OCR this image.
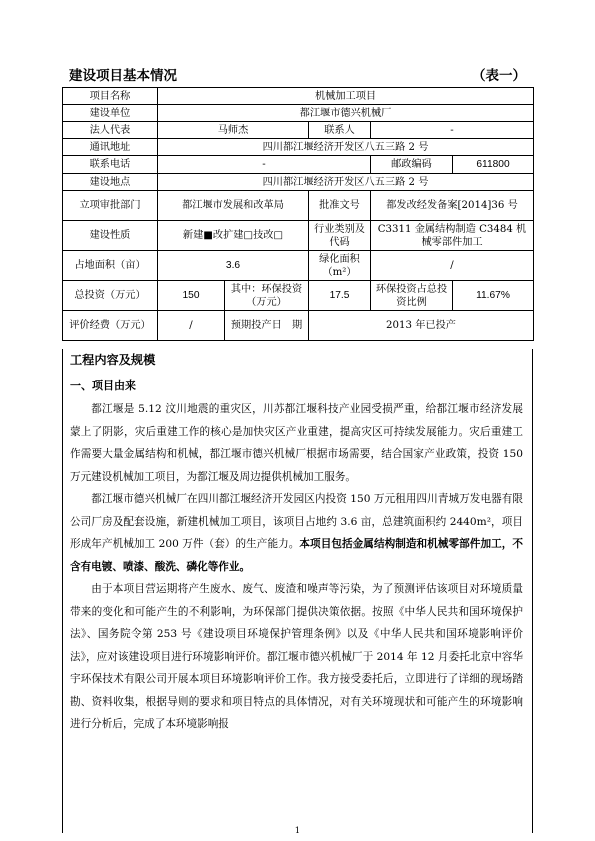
建设项目基本情况	（表一）
项目名称	机械加工项目				
建设单位	都江堰市德兴机械厂				
法人代表	马师杰		联系人	-	
通讯地址	四川都江堰经济开发区八五三路 2 号				
联系电话	-			邮政编码	611800
建设地点	四川都江堰经济开发区八五三路 2 号				
立项审批部门	都江堰市发展和改革局		批准文号	都发改经发备案[2014]36 号	
建设性质	新建■改扩建□技改□		行业类别及代码	C3311 金属结构制造 C3484 机械零部件加工	
占地面积（亩）	3.6		绿化面积（m²）	/	
总投资（万元）	150	其中：环保投资（万元）	17.5	环保投资占总投资比例	11.67%
评价经费（万元）	/	预期投产日　期	2013 年已投产		
工程内容及规模
一、项目由来

都江堰是 5.12 汶川地震的重灾区，川苏都江堰科技产业园受损严重，给都江堰市经济发展蒙上了阴影，灾后重建工作的核心是加快灾区产业重建，提高灾区可持续发展能力。灾后重建工作需要大量金属结构和机械，都江堰市德兴机械厂根据市场需要，结合国家产业政策，投资 150 万元建设机械加工项目，为都江堰及周边提供机械加工服务。

都江堰市德兴机械厂在四川都江堰经济开发园区内投资 150 万元租用四川青城万发电器有限公司厂房及配套设施，新建机械加工项目，该项目占地约 3.6 亩，总建筑面积约 2440m²，项目形成年产机械加工 200 万件（套）的生产能力。本项目包括金属结构制造和机械零部件加工，不含有电镀、喷漆、酸洗、磷化等作业。

由于本项目营运期将产生废水、废气、废渣和噪声等污染，为了预测评估该项目对环境质量带来的变化和可能产生的不利影响，为环保部门提供决策依据。按照《中华人民共和国环境保护法》、国务院令第 253 号《建设项目环境保护管理条例》以及《中华人民共和国环境影响评价法》，应对该建设项目进行环境影响评价。都江堰市德兴机械厂于 2014 年 12 月委托北京中容华宇环保技术有限公司开展本项目环境影响评价工作。我方接受委托后，立即进行了详细的现场踏勘、资料收集，根据导则的要求和项目特点的具体情况，对有关环境现状和可能产生的环境影响进行分析后，完成了本环境影响报

1
